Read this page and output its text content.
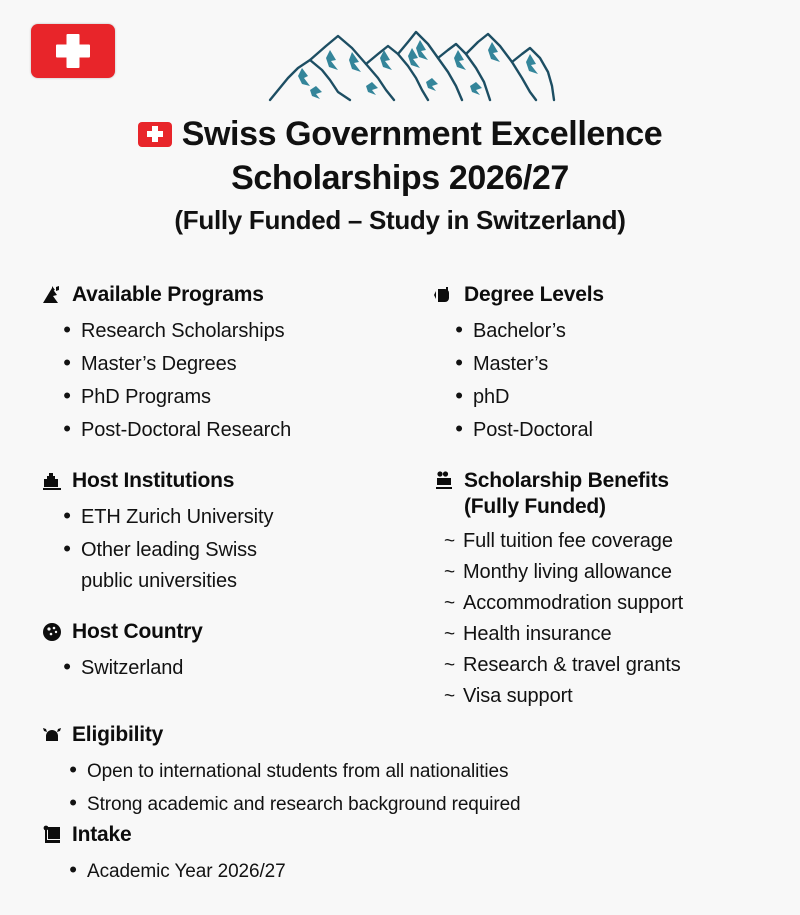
Swiss Government Excellence
Scholarships 2026/27
(Fully Funded – Study in Switzerland)
Available Programs
• Research Scholarships
• Master’s Degrees
• PhD Programs
• Post-Doctoral Research
Host Institutions
• ETH Zurich University
• Other leading Swiss
public universities
Host Country
• Switzerland
Degree Levels
• Bachelor’s
• Master’s
• phD
• Post-Doctoral
Scholarship Benefits
(Fully Funded)
~ Full tuition fee coverage
~ Monthy living allowance
~ Accommodration support
~ Health insurance
~ Research & travel grants
~ Visa support
Eligibility
• Open to international students from all nationalities
• Strong academic and research background required
Intake
• Academic Year 2026/27
